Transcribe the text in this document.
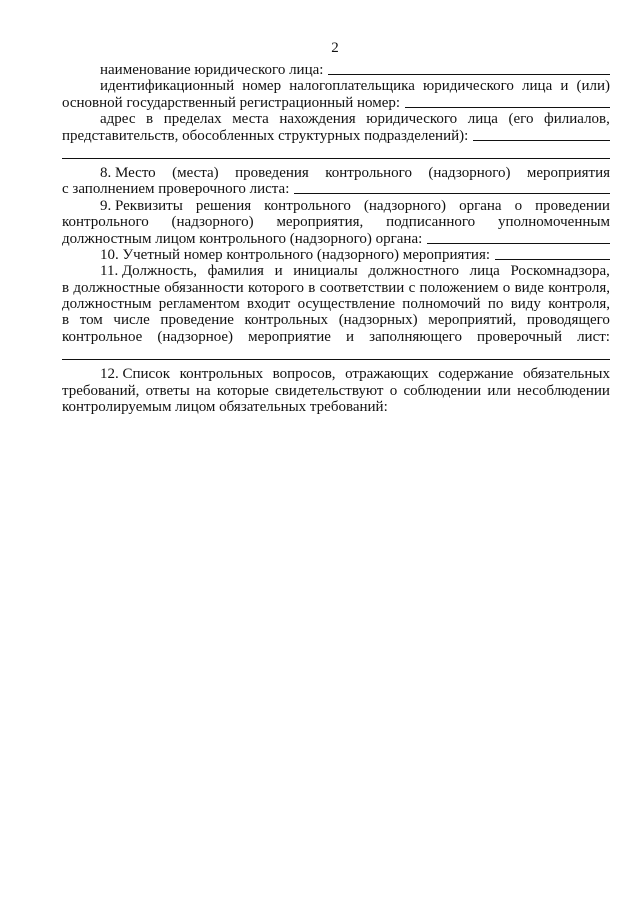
2
наименование юридического лица:
идентификационный номер налогоплательщика юридического лица и (или)
основной государственный регистрационный номер:
адрес в пределах места нахождения юридического лица (его филиалов,
представительств, обособленных структурных подразделений):
8. Место (места) проведения контрольного (надзорного) мероприятия
с заполнением проверочного листа:
9. Реквизиты решения контрольного (надзорного) органа о проведении
контрольного (надзорного) мероприятия, подписанного уполномоченным
должностным лицом контрольного (надзорного) органа:
10. Учетный номер контрольного (надзорного) мероприятия:
11. Должность, фамилия и инициалы должностного лица Роскомнадзора,
в должностные обязанности которого в соответствии с положением о виде контроля,
должностным регламентом входит осуществление полномочий по виду контроля,
в том числе проведение контрольных (надзорных) мероприятий, проводящего
контрольное (надзорное) мероприятие и заполняющего проверочный лист:
12. Список контрольных вопросов, отражающих содержание обязательных
требований, ответы на которые свидетельствуют о соблюдении или несоблюдении
контролируемым лицом обязательных требований:
